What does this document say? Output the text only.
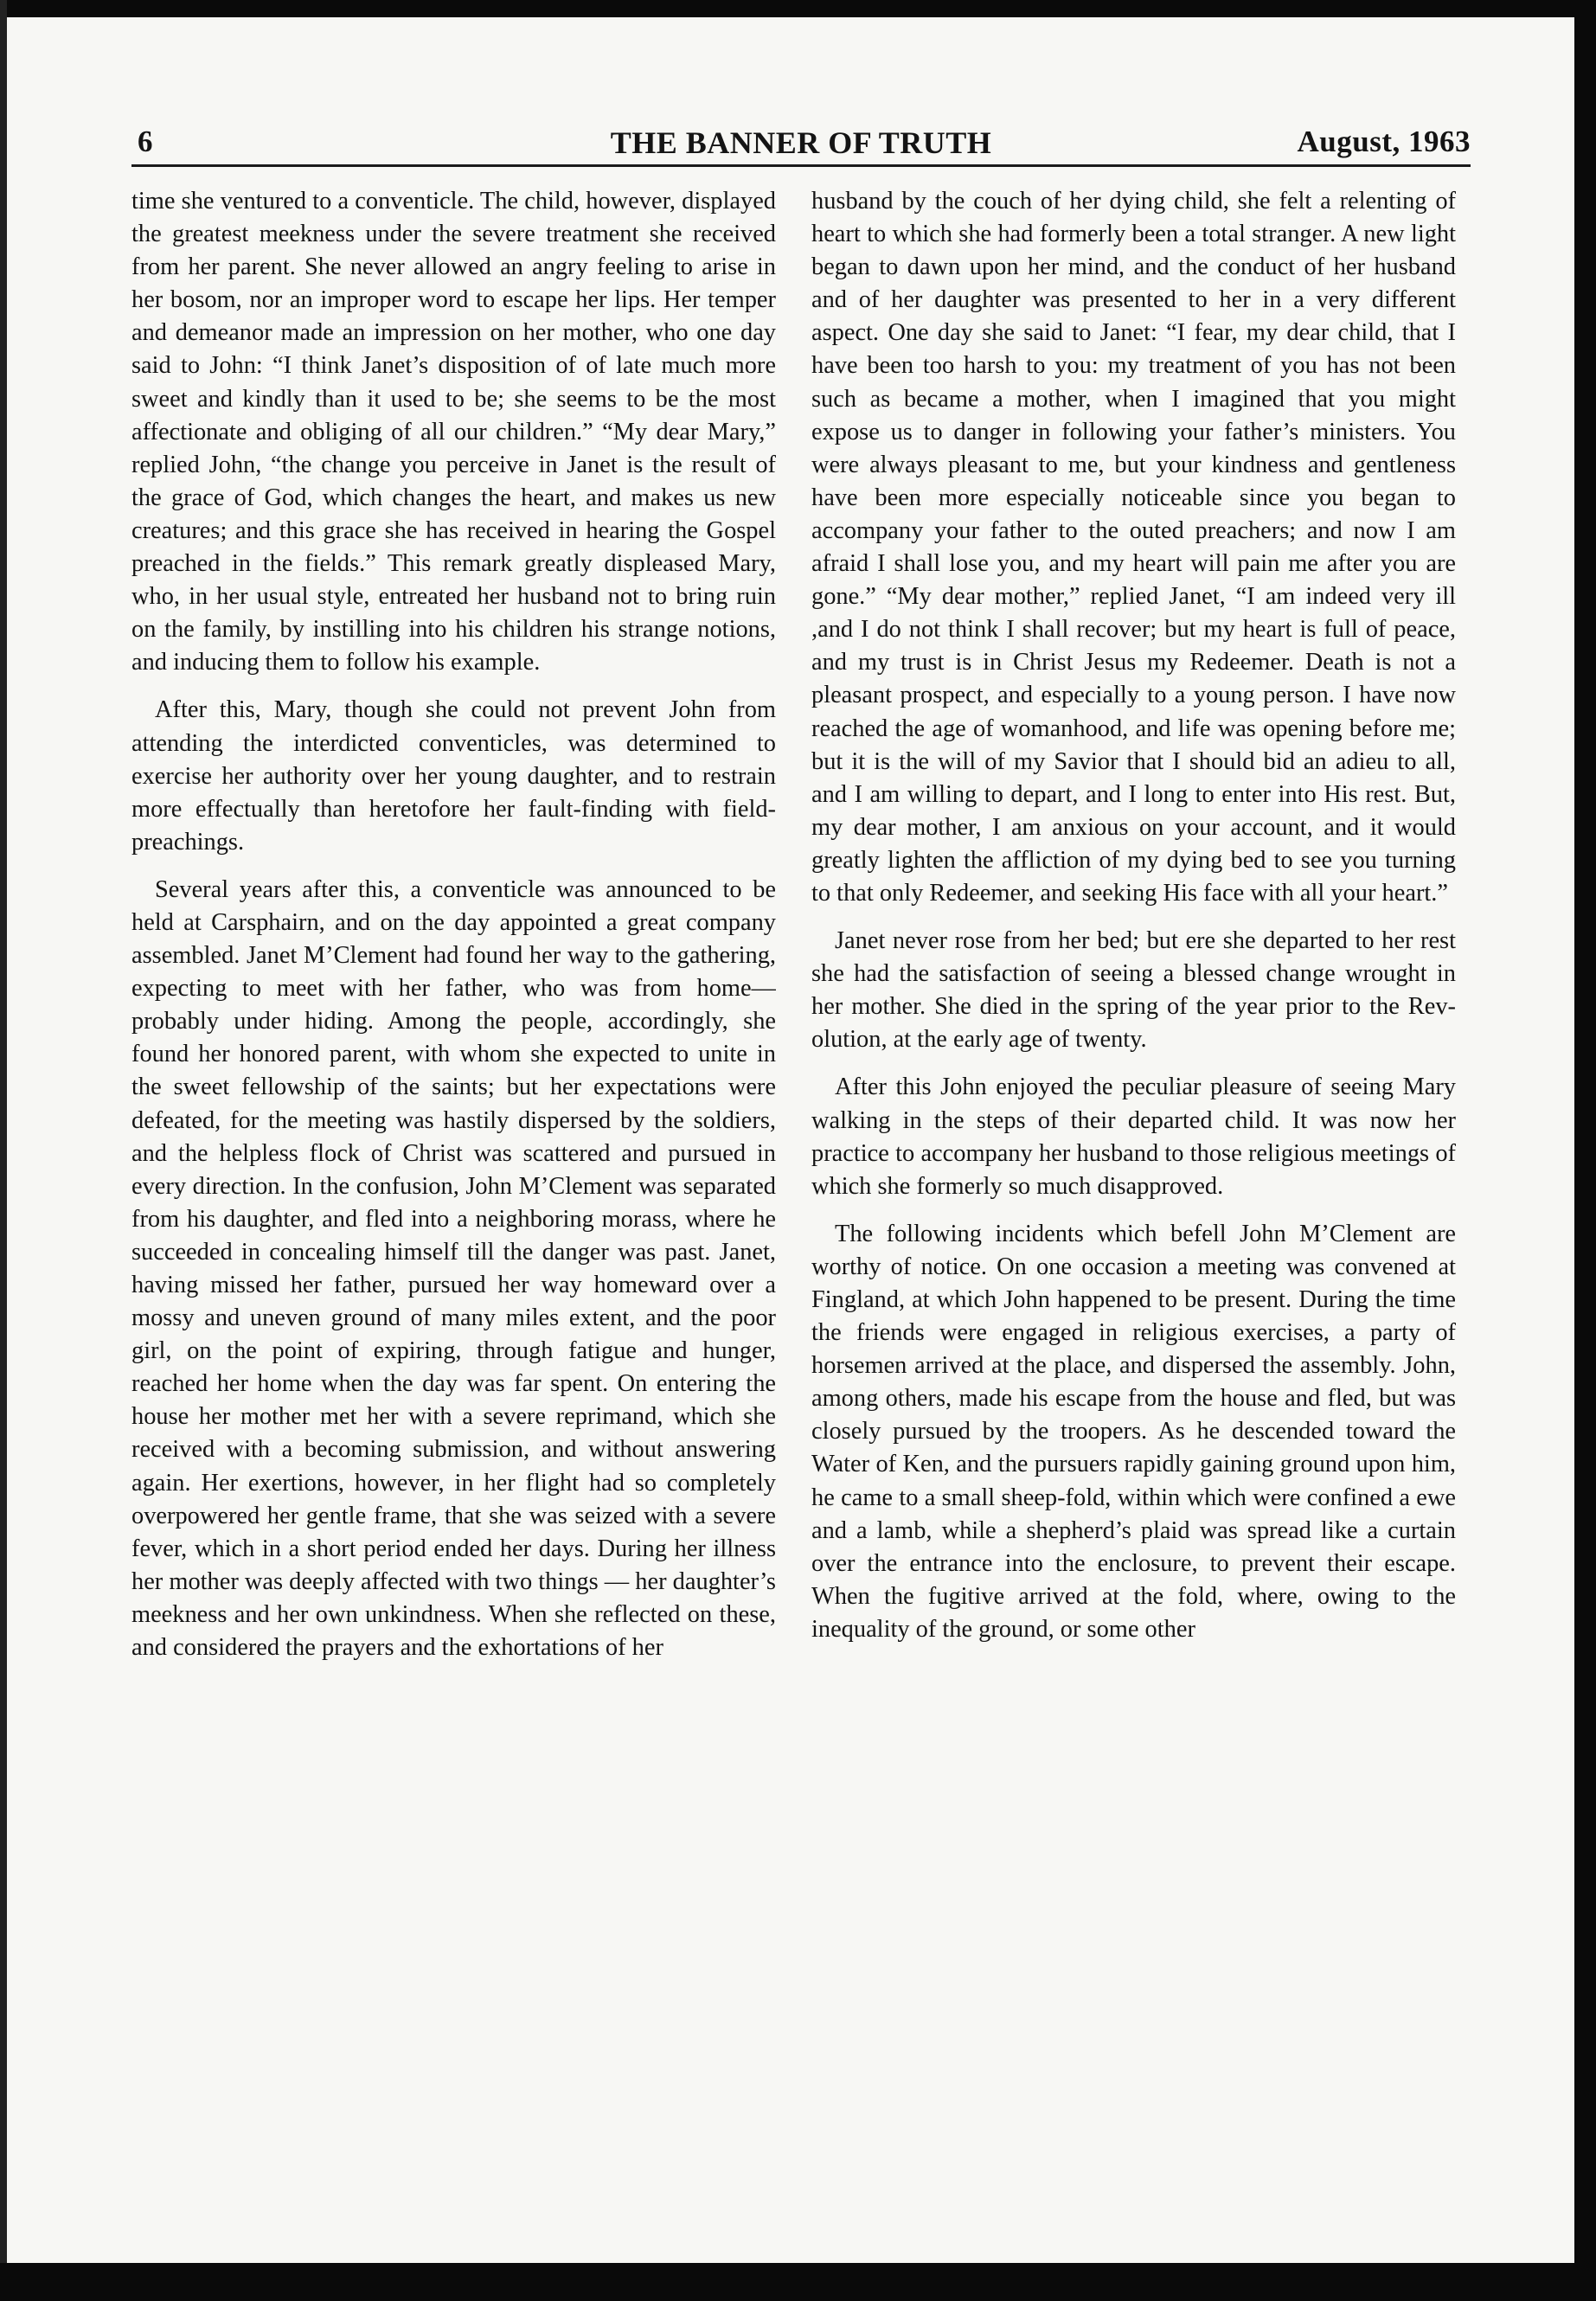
6	THE BANNER OF TRUTH	August, 1963

time she ventured to a conventicle. The child, however, displayed the greatest meekness under the severe treatment she received from her parent. She never allowed an angry feeling to arise in her bosom, nor an improper word to escape her lips. Her temper and demeanor made an impression on her mother, who one day said to John: “I think Janet’s disposition of of late much more sweet and kindly than it used to be; she seems to be the most affectionate and obliging of all our children.” “My dear Mary,” replied John, “the change you perceive in Janet is the result of the grace of God, which changes the heart, and makes us new creatures; and this grace she has received in hearing the Gospel preached in the fields.” This remark greatly displeased Mary, who, in her usual style, entreated her husband not to bring ruin on the family, by instilling into his children his strange notions, and inducing them to follow his example.

After this, Mary, though she could not prevent John from attending the interdicted conventicles, was determined to exercise her authority over her young daughter, and to restrain more effectually than heretofore her fault-finding with field-preachings.

Several years after this, a conventicle was announced to be held at Carsphairn, and on the day appointed a great company assembled. Janet M’Clement had found her way to the gathering, expecting to meet with her father, who was from home—probably under hiding. Among the people, accordingly, she found her honored parent, with whom she expected to unite in the sweet fellowship of the saints; but her expectations were defeated, for the meeting was hastily dispersed by the soldiers, and the helpless flock of Christ was scattered and pursued in every direction. In the confusion, John M’Clement was separated from his daughter, and fled into a neighboring morass, where he succeeded in concealing himself till the danger was past. Janet, having missed her father, pursued her way homeward over a mossy and uneven ground of many miles extent, and the poor girl, on the point of expiring, through fatigue and hunger, reached her home when the day was far spent. On entering the house her mother met her with a severe reprimand, which she received with a becoming submission, and without answering again. Her exertions, however, in her flight had so completely overpowered her gentle frame, that she was seized with a severe fever, which in a short period ended her days. During her illness her mother was deeply affected with two things — her daughter’s meekness and her own unkindness. When she reflected on these, and considered the prayers and the exhortations of her

husband by the couch of her dying child, she felt a relenting of heart to which she had formerly been a total stranger. A new light began to dawn upon her mind, and the conduct of her husband and of her daughter was presented to her in a very different aspect. One day she said to Janet: “I fear, my dear child, that I have been too harsh to you: my treatment of you has not been such as became a mother, when I imagined that you might expose us to danger in following your father’s ministers. You were always pleasant to me, but your kindness and gentleness have been more especially noticeable since you began to accompany your father to the outed preachers; and now I am afraid I shall lose you, and my heart will pain me after you are gone.” “My dear mother,” replied Janet, “I am indeed very ill ,and I do not think I shall recover; but my heart is full of peace, and my trust is in Christ Jesus my Redeemer. Death is not a pleasant prospect, and especially to a young person. I have now reached the age of womanhood, and life was opening before me; but it is the will of my Savior that I should bid an adieu to all, and I am willing to depart, and I long to enter into His rest. But, my dear mother, I am anxious on your account, and it would greatly lighten the affliction of my dying bed to see you turning to that only Redeemer, and seeking His face with all your heart.”

Janet never rose from her bed; but ere she departed to her rest she had the satisfaction of seeing a blessed change wrought in her mother. She died in the spring of the year prior to the Revolution, at the early age of twenty.

After this John enjoyed the peculiar pleasure of seeing Mary walking in the steps of their departed child. It was now her practice to accompany her husband to those religious meetings of which she formerly so much disapproved.

The following incidents which befell John M’Clement are worthy of notice. On one occasion a meeting was convened at Fingland, at which John happened to be present. During the time the friends were engaged in religious exercises, a party of horsemen arrived at the place, and dispersed the assembly. John, among others, made his escape from the house and fled, but was closely pursued by the troopers. As he descended toward the Water of Ken, and the pursuers rapidly gaining ground upon him, he came to a small sheep-fold, within which were confined a ewe and a lamb, while a shepherd’s plaid was spread like a curtain over the entrance into the enclosure, to prevent their escape. When the fugitive arrived at the fold, where, owing to the inequality of the ground, or some other
